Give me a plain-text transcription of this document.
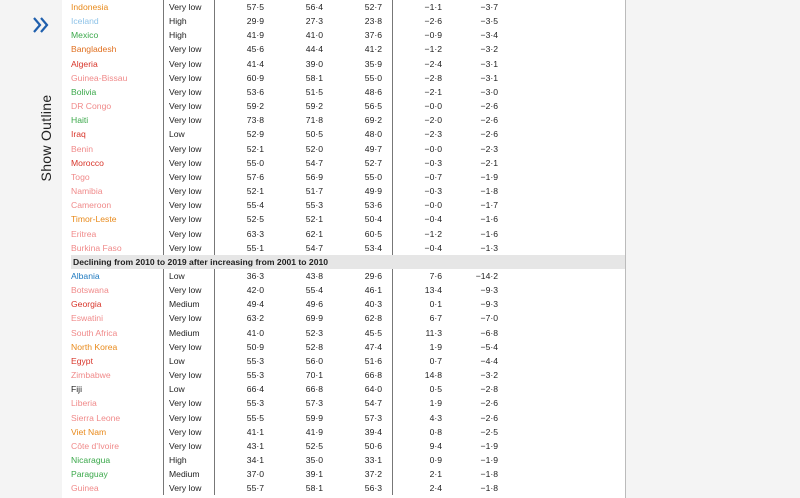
Show Outline
Indonesia	Very low	57·5	56·4	52·7	−1·1	−3·7	
Iceland	High	29·9	27·3	23·8	−2·6	−3·5	
Mexico	High	41·9	41·0	37·6	−0·9	−3·4	
Bangladesh	Very low	45·6	44·4	41·2	−1·2	−3·2	
Algeria	Very low	41·4	39·0	35·9	−2·4	−3·1	
Guinea-Bissau	Very low	60·9	58·1	55·0	−2·8	−3·1	
Bolivia	Very low	53·6	51·5	48·6	−2·1	−3·0	
DR Congo	Very low	59·2	59·2	56·5	−0·0	−2·6	
Haiti	Very low	73·8	71·8	69·2	−2·0	−2·6	
Iraq	Low	52·9	50·5	48·0	−2·3	−2·6	
Benin	Very low	52·1	52·0	49·7	−0·0	−2·3	
Morocco	Very low	55·0	54·7	52·7	−0·3	−2·1	
Togo	Very low	57·6	56·9	55·0	−0·7	−1·9	
Namibia	Very low	52·1	51·7	49·9	−0·3	−1·8	
Cameroon	Very low	55·4	55·3	53·6	−0·0	−1·7	
Timor-Leste	Very low	52·5	52·1	50·4	−0·4	−1·6	
Eritrea	Very low	63·3	62·1	60·5	−1·2	−1·6	
Burkina Faso	Very low	55·1	54·7	53·4	−0·4	−1·3	
Declining from 2010 to 2019 after increasing from 2001 to 2010							
Albania	Low	36·3	43·8	29·6	7·6	−14·2	
Botswana	Very low	42·0	55·4	46·1	13·4	−9·3	
Georgia	Medium	49·4	49·6	40·3	0·1	−9·3	
Eswatini	Very low	63·2	69·9	62·8	6·7	−7·0	
South Africa	Medium	41·0	52·3	45·5	11·3	−6·8	
North Korea	Very low	50·9	52·8	47·4	1·9	−5·4	
Egypt	Low	55·3	56·0	51·6	0·7	−4·4	
Zimbabwe	Very low	55·3	70·1	66·8	14·8	−3·2	
Fiji	Low	66·4	66·8	64·0	0·5	−2·8	
Liberia	Very low	55·3	57·3	54·7	1·9	−2·6	
Sierra Leone	Very low	55·5	59·9	57·3	4·3	−2·6	
Viet Nam	Very low	41·1	41·9	39·4	0·8	−2·5	
Côte d'Ivoire	Very low	43·1	52·5	50·6	9·4	−1·9	
Nicaragua	High	34·1	35·0	33·1	0·9	−1·9	
Paraguay	Medium	37·0	39·1	37·2	2·1	−1·8	
Guinea	Very low	55·7	58·1	56·3	2·4	−1·8	
